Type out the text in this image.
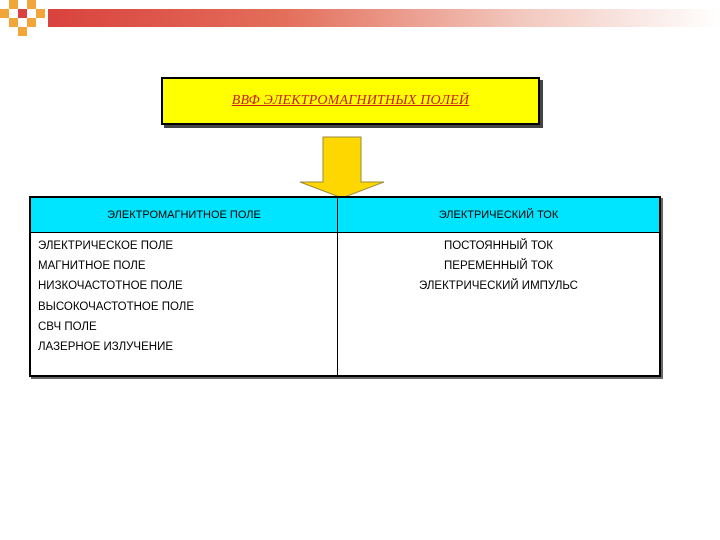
ВВФ ЭЛЕКТРОМАГНИТНЫХ ПОЛЕЙ
ЭЛЕКТРОМАГНИТНОЕ ПОЛЕ	ЭЛЕКТРИЧЕСКИЙ ТОК
ЭЛЕКТРИЧЕСКОЕ ПОЛЕ
МАГНИТНОЕ ПОЛЕ
НИЗКОЧАСТОТНОЕ ПОЛЕ
ВЫСОКОЧАСТОТНОЕ ПОЛЕ
СВЧ ПОЛЕ
ЛАЗЕРНОЕ ИЗЛУЧЕНИЕ
ПОСТОЯННЫЙ ТОК
ПЕРЕМЕННЫЙ ТОК
ЭЛЕКТРИЧЕСКИЙ ИМПУЛЬС
